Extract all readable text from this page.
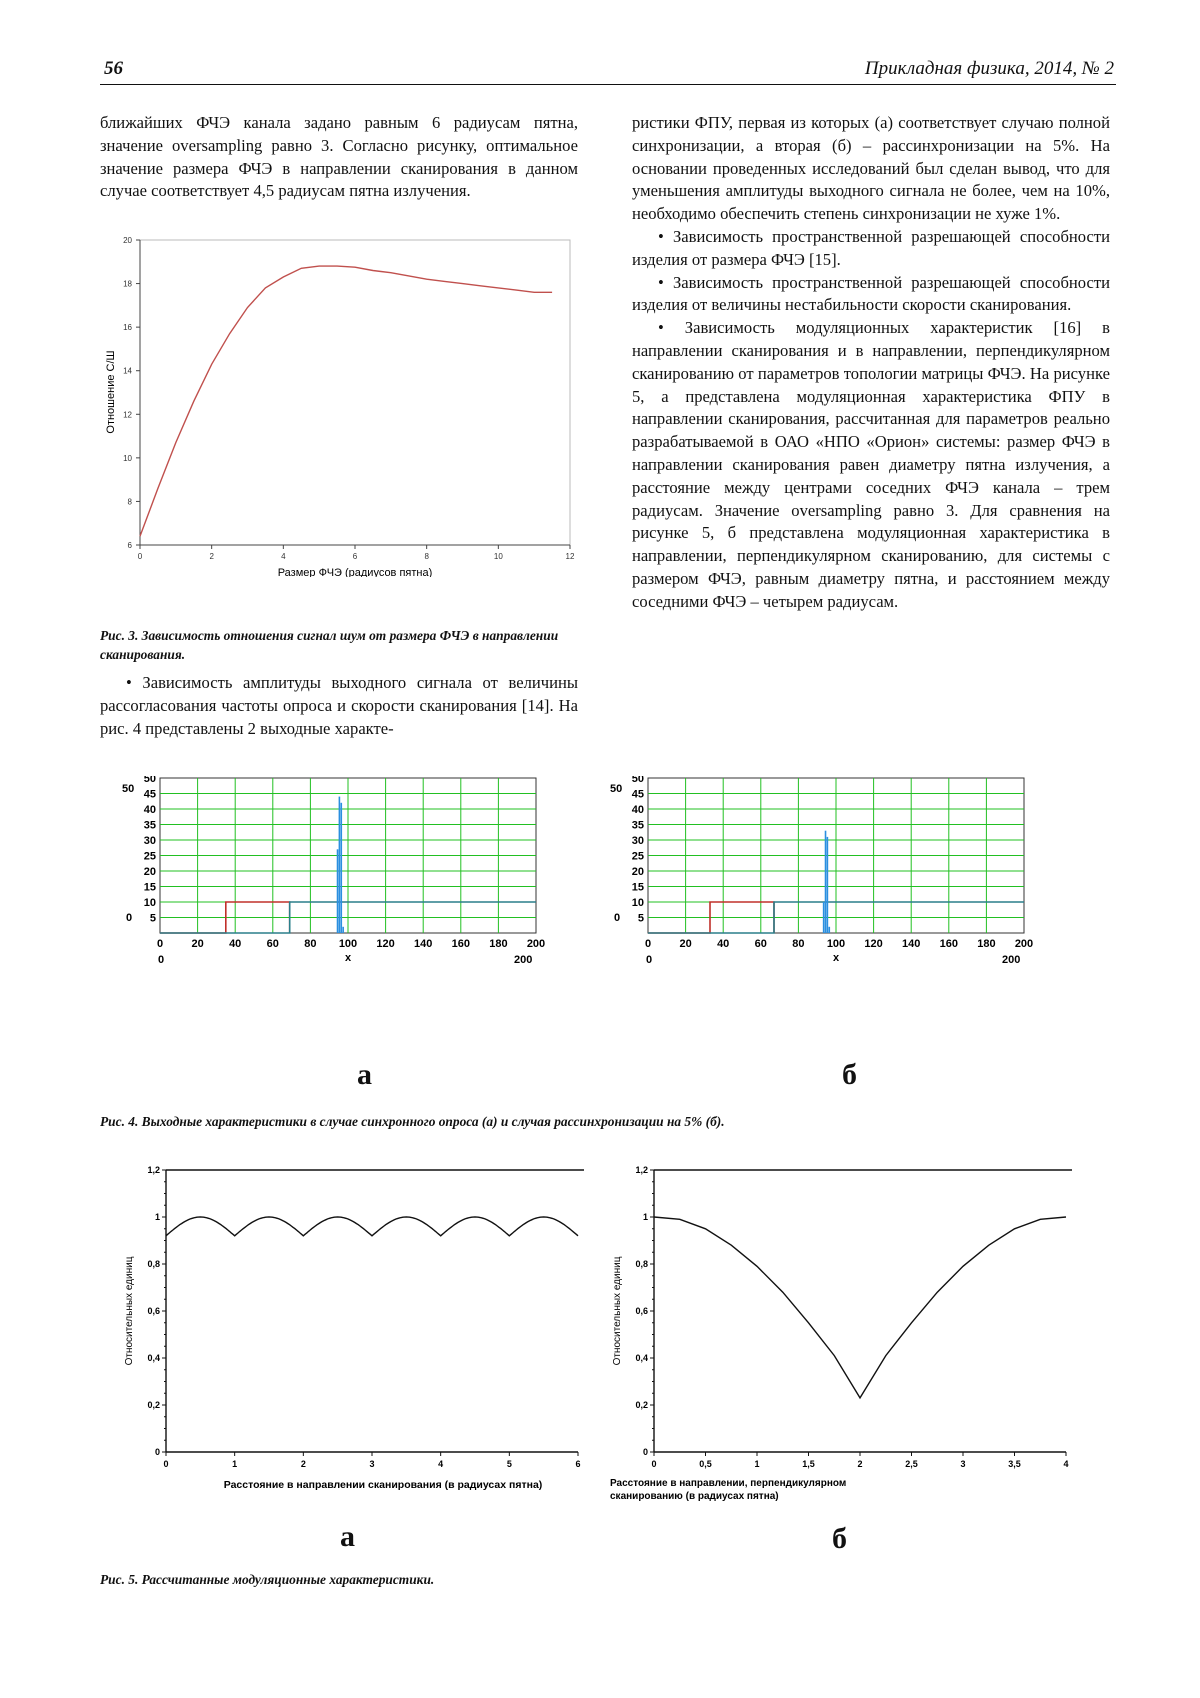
56	Прикладная физика, 2014, № 2

ближайших ФЧЭ канала задано равным 6 радиусам пятна, значение oversampling равно 3. Согласно рисунку, оптимальное значение размера ФЧЭ в направлении сканирования в данном случае соответствует 4,5 радиусам пятна излучения.

0	2	4	6	8	10	12
6
8
10
12
14
16
18
20
Размер ФЧЭ (радиусов пятна)
Отношение С/Ш
Рис. 3. Зависимость отношения сигнал шум от размера ФЧЭ в направлении сканирования.

• Зависимость амплитуды выходного сигнала от величины рассогласования частоты опроса и скорости сканирования [14]. На рис. 4 представлены 2 выходные характе-

ристики ФПУ, первая из которых (а) соответствует случаю полной синхронизации, а вторая (б) – рассинхронизации на 5%. На основании проведенных исследований был сделан вывод, что для уменьшения амплитуды выходного сигнала не более, чем на 10%, необходимо обеспечить степень синхронизации не хуже 1%.

• Зависимость пространственной разрешающей способности изделия от размера ФЧЭ [15].

• Зависимость пространственной разрешающей способности изделия от величины нестабильности скорости сканирования.

• Зависимость модуляционных характеристик [16] в направлении сканирования и в направлении, перпендикулярном сканированию от параметров топологии матрицы ФЧЭ. На рисунке 5, а представлена модуляционная характеристика ФПУ в направлении сканирования, рассчитанная для параметров реально разрабатываемой в ОАО «НПО «Орион» системы: размер ФЧЭ в направлении сканирования равен диаметру пятна излучения, а расстояние между центрами соседних ФЧЭ канала – трем радиусам. Значение oversampling равно 3. Для сравнения на рисунке 5, б представлена модуляционная характеристика в направлении, перпендикулярном сканированию, для системы с размером ФЧЭ, равным диаметру пятна, и расстоянием между соседними ФЧЭ – четырем радиусам.

0	20 40 60 80 100 120 140 160 180 200
5
10
15
20
25
30
35
40
45
50
50
0
0	200
x
а
0	20 40 60 80 100 120 140 160 180 200
5
10
15
20
25
30
35
40
45
50
50
0
0	200
x
б
Рис. 4. Выходные характеристики в случае синхронного опроса (а) и случая рассинхронизации на 5% (б).
0	1	2	3	4	5	6
0
0,2
0,4
0,6
0,8
1
1,2
Относительных единиц
Расстояние в направлении сканирования (в радиусах пятна)
а
0	0,5	1	1,5	2	2,5	3	3,5	4
0
0,2
0,4
0,6
0,8
1
1,2
Относительных единиц
Расстояние в направлении, перпендикулярном
сканированию (в радиусах пятна)
б
Рис. 5. Рассчитанные модуляционные характеристики.
